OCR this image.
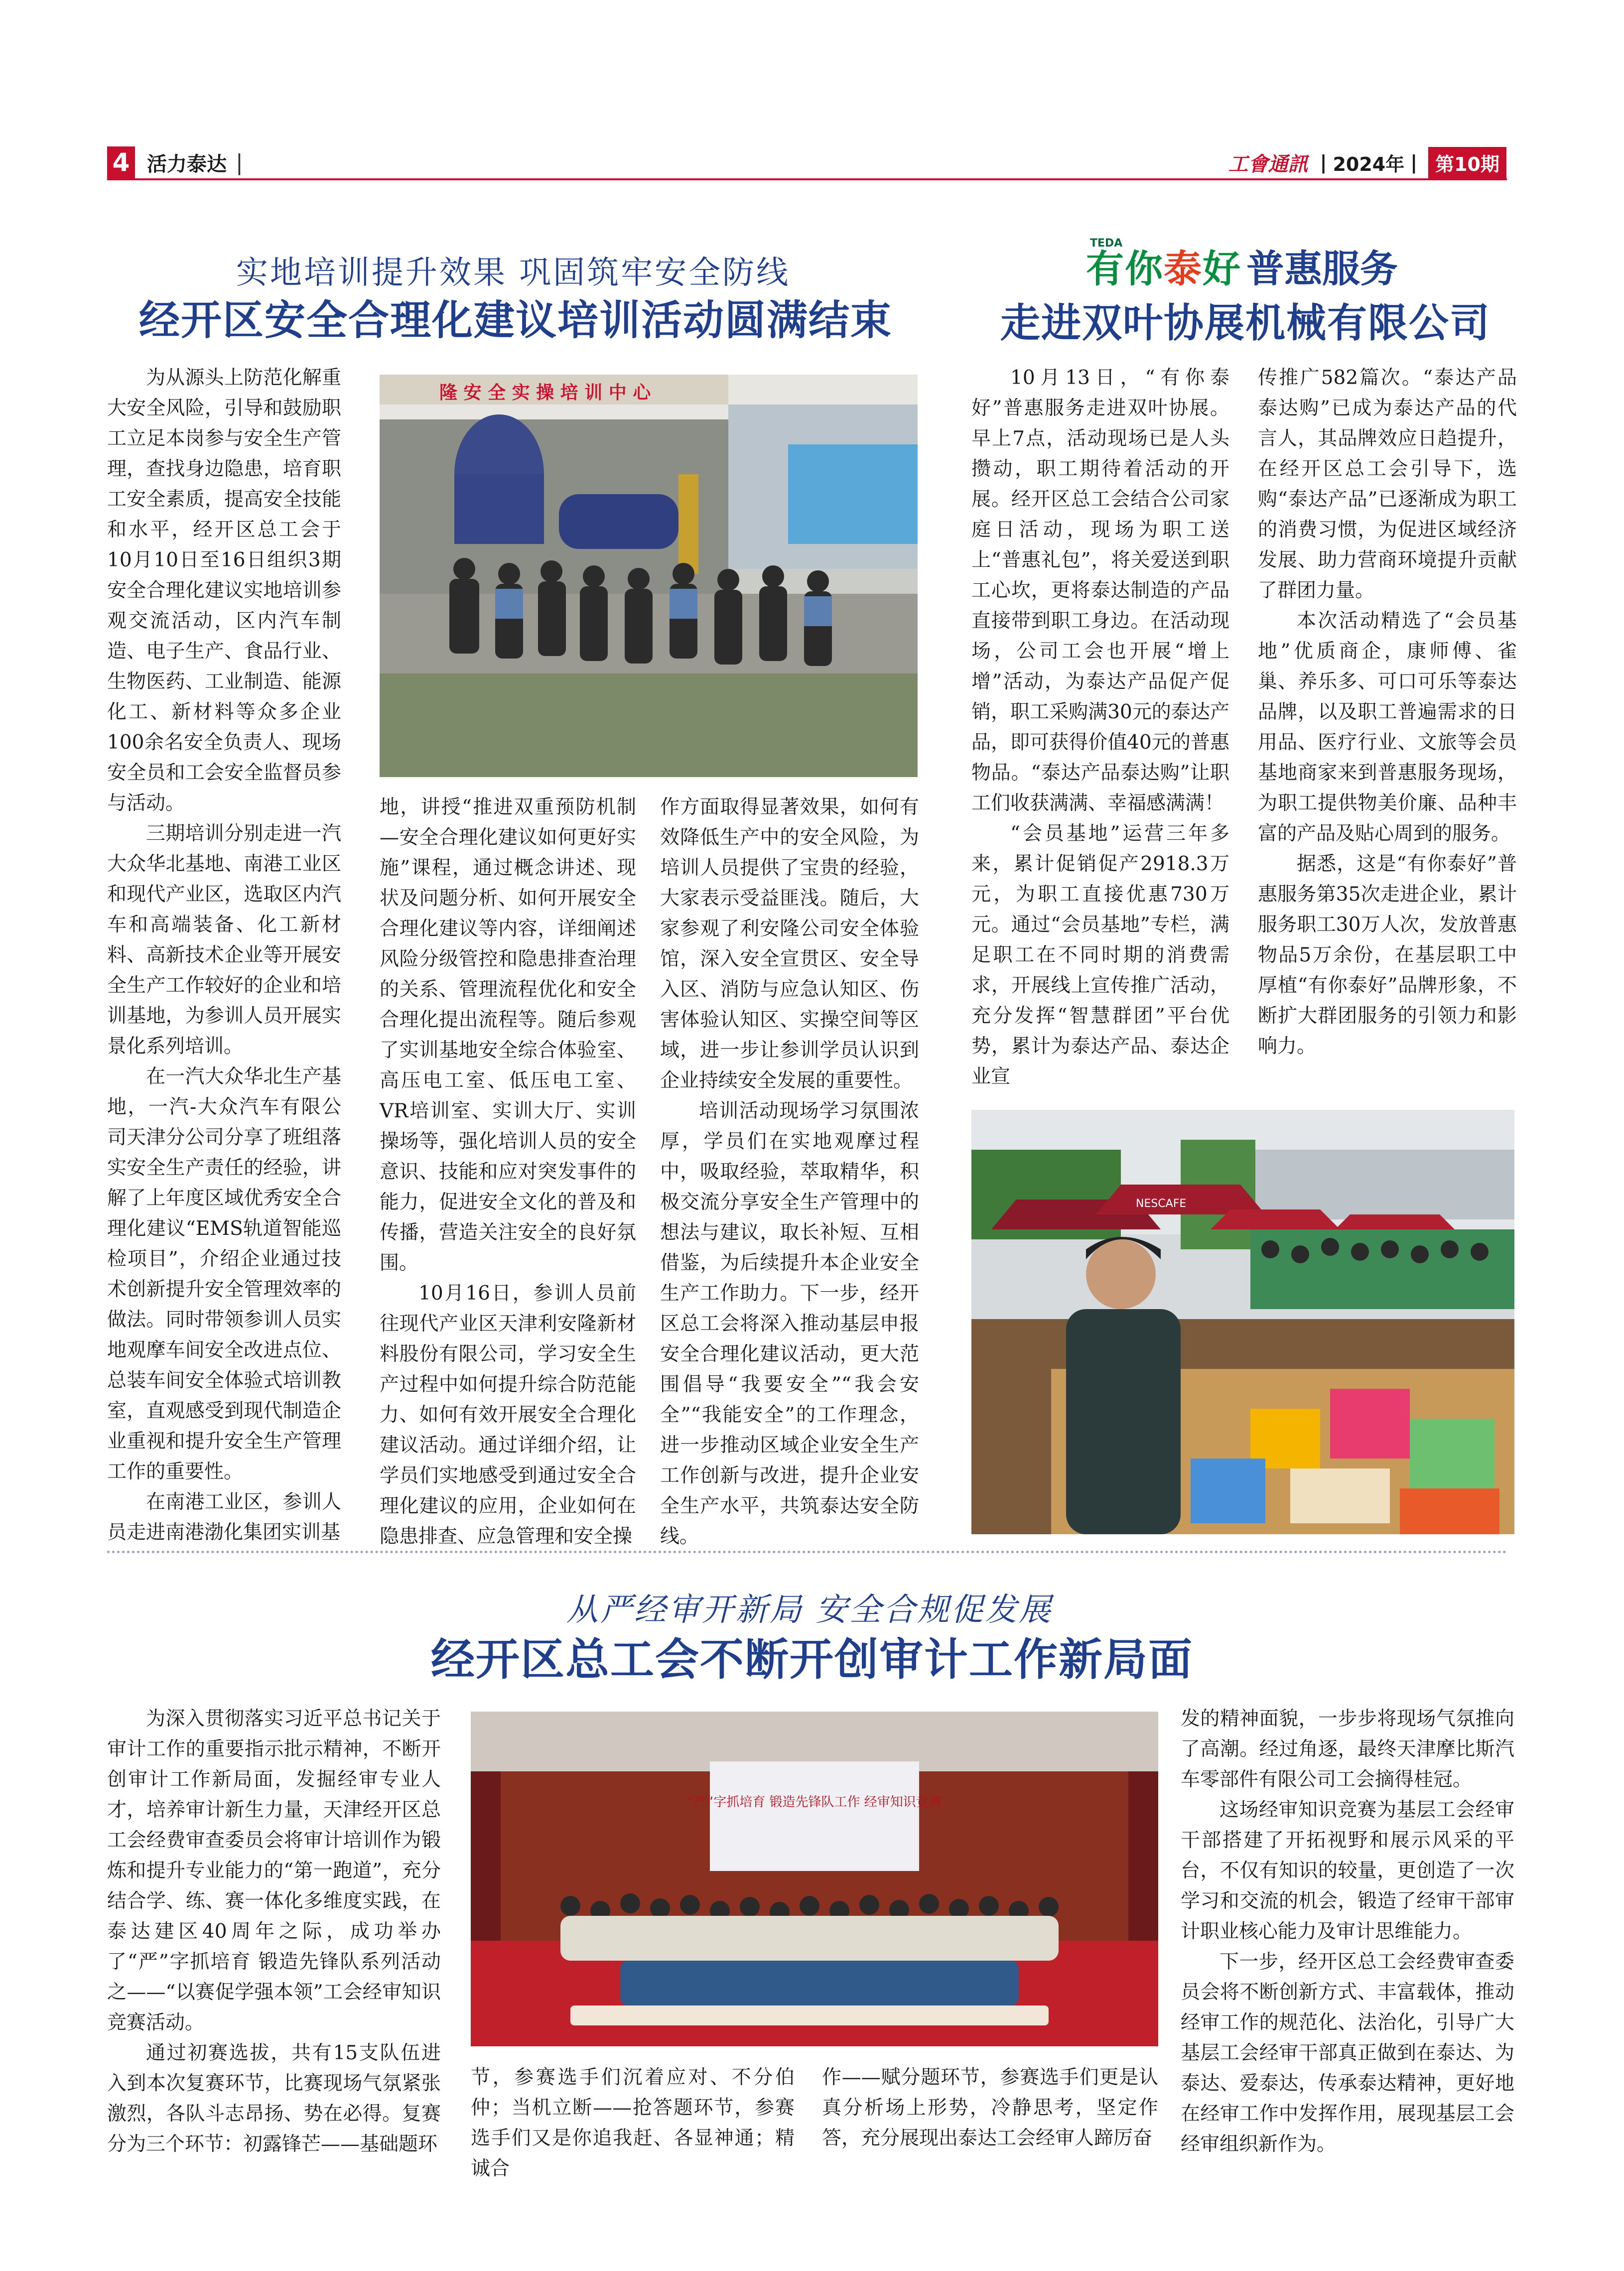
4 活力泰达 |	工會通訊 | 2024年 | 第10期
实地培训提升效果 巩固筑牢安全防线
经开区安全合理化建议培训活动圆满结束

为从源头上防范化解重大安全风险，引导和鼓励职工立足本岗参与安全生产管理，查找身边隐患，培育职工安全素质，提高安全技能和水平，经开区总工会于10月10日至16日组织3期安全合理化建议实地培训参观交流活动，区内汽车制造、电子生产、食品行业、生物医药、工业制造、能源化工、新材料等众多企业100余名安全负责人、现场安全员和工会安全监督员参与活动。

三期培训分别走进一汽大众华北基地、南港工业区和现代产业区，选取区内汽车和高端装备、化工新材料、高新技术企业等开展安全生产工作较好的企业和培训基地，为参训人员开展实景化系列培训。

在一汽大众华北生产基地，一汽-大众汽车有限公司天津分公司分享了班组落实安全生产责任的经验，讲解了上年度区域优秀安全合理化建议“EMS轨道智能巡检项目”，介绍企业通过技术创新提升安全管理效率的做法。同时带领参训人员实地观摩车间安全改进点位、总装车间安全体验式培训教室，直观感受到现代制造企业重视和提升安全生产管理工作的重要性。

在南港工业区，参训人员走进南港渤化集团实训基

隆 安 全 实 操 培 训 中 心

地，讲授“推进双重预防机制—安全合理化建议如何更好实施”课程，通过概念讲述、现状及问题分析、如何开展安全合理化建议等内容，详细阐述风险分级管控和隐患排查治理的关系、管理流程优化和安全合理化提出流程等。随后参观了实训基地安全综合体验室、高压电工室、低压电工室、VR培训室、实训大厅、实训操场等，强化培训人员的安全意识、技能和应对突发事件的能力，促进安全文化的普及和传播，营造关注安全的良好氛围。

10月16日，参训人员前往现代产业区天津利安隆新材料股份有限公司，学习安全生产过程中如何提升综合防范能力、如何有效开展安全合理化建议活动。通过详细介绍，让学员们实地感受到通过安全合理化建议的应用，企业如何在隐患排查、应急管理和安全操

作方面取得显著效果，如何有效降低生产中的安全风险，为培训人员提供了宝贵的经验，大家表示受益匪浅。随后，大家参观了利安隆公司安全体验馆，深入安全宣贯区、安全导入区、消防与应急认知区、伤害体验认知区、实操空间等区域，进一步让参训学员认识到企业持续安全发展的重要性。

培训活动现场学习氛围浓厚，学员们在实地观摩过程中，吸取经验，萃取精华，积极交流分享安全生产管理中的想法与建议，取长补短、互相借鉴，为后续提升本企业安全生产工作助力。下一步，经开区总工会将深入推动基层申报安全合理化建议活动，更大范围倡导“我要安全”“我会安全”“我能安全”的工作理念，进一步推动区域企业安全生产工作创新与改进，提升企业安全生产水平，共筑泰达安全防线。

TEDA
有你泰好 普惠服务
走进双叶协展机械有限公司

10月13日，“有你泰好”普惠服务走进双叶协展。早上7点，活动现场已是人头攒动，职工期待着活动的开展。经开区总工会结合公司家庭日活动，现场为职工送上“普惠礼包”，将关爱送到职工心坎，更将泰达制造的产品直接带到职工身边。在活动现场，公司工会也开展“增上增”活动，为泰达产品促产促销，职工采购满30元的泰达产品，即可获得价值40元的普惠物品。“泰达产品泰达购”让职工们收获满满、幸福感满满！

“会员基地”运营三年多来，累计促销促产2918.3万元，为职工直接优惠730万元。通过“会员基地”专栏，满足职工在不同时期的消费需求，开展线上宣传推广活动，充分发挥“智慧群团”平台优势，累计为泰达产品、泰达企业宣

传推广582篇次。“泰达产品泰达购”已成为泰达产品的代言人，其品牌效应日趋提升，在经开区总工会引导下，选购“泰达产品”已逐渐成为职工的消费习惯，为促进区域经济发展、助力营商环境提升贡献了群团力量。

本次活动精选了“会员基地”优质商企，康师傅、雀巢、养乐多、可口可乐等泰达品牌，以及职工普遍需求的日用品、医疗行业、文旅等会员基地商家来到普惠服务现场，为职工提供物美价廉、品种丰富的产品及贴心周到的服务。

据悉，这是“有你泰好”普惠服务第35次走进企业，累计服务职工30万人次，发放普惠物品5万余份，在基层职工中厚植“有你泰好”品牌形象，不断扩大群团服务的引领力和影响力。

NESCAFE
从严经审开新局 安全合规促发展
经开区总工会不断开创审计工作新局面

为深入贯彻落实习近平总书记关于审计工作的重要指示批示精神，不断开创审计工作新局面，发掘经审专业人才，培养审计新生力量，天津经开区总工会经费审查委员会将审计培训作为锻炼和提升专业能力的“第一跑道”，充分结合学、练、赛一体化多维度实践，在泰达建区40周年之际，成功举办了“严”字抓培育 锻造先锋队系列活动之——“以赛促学强本领”工会经审知识竞赛活动。

通过初赛选拔，共有15支队伍进入到本次复赛环节，比赛现场气氛紧张激烈，各队斗志昂扬、势在必得。复赛分为三个环节：初露锋芒——基础题环

“严”字抓培育 锻造先锋队工作 经审知识竞赛

节，参赛选手们沉着应对、不分伯仲；当机立断——抢答题环节，参赛选手们又是你追我赶、各显神通；精诚合

作——赋分题环节，参赛选手们更是认真分析场上形势，冷静思考，坚定作答，充分展现出泰达工会经审人蹄厉奋

发的精神面貌，一步步将现场气氛推向了高潮。经过角逐，最终天津摩比斯汽车零部件有限公司工会摘得桂冠。

这场经审知识竞赛为基层工会经审干部搭建了开拓视野和展示风采的平台，不仅有知识的较量，更创造了一次学习和交流的机会，锻造了经审干部审计职业核心能力及审计思维能力。

下一步，经开区总工会经费审查委员会将不断创新方式、丰富载体，推动经审工作的规范化、法治化，引导广大基层工会经审干部真正做到在泰达、为泰达、爱泰达，传承泰达精神，更好地在经审工作中发挥作用，展现基层工会经审组织新作为。
